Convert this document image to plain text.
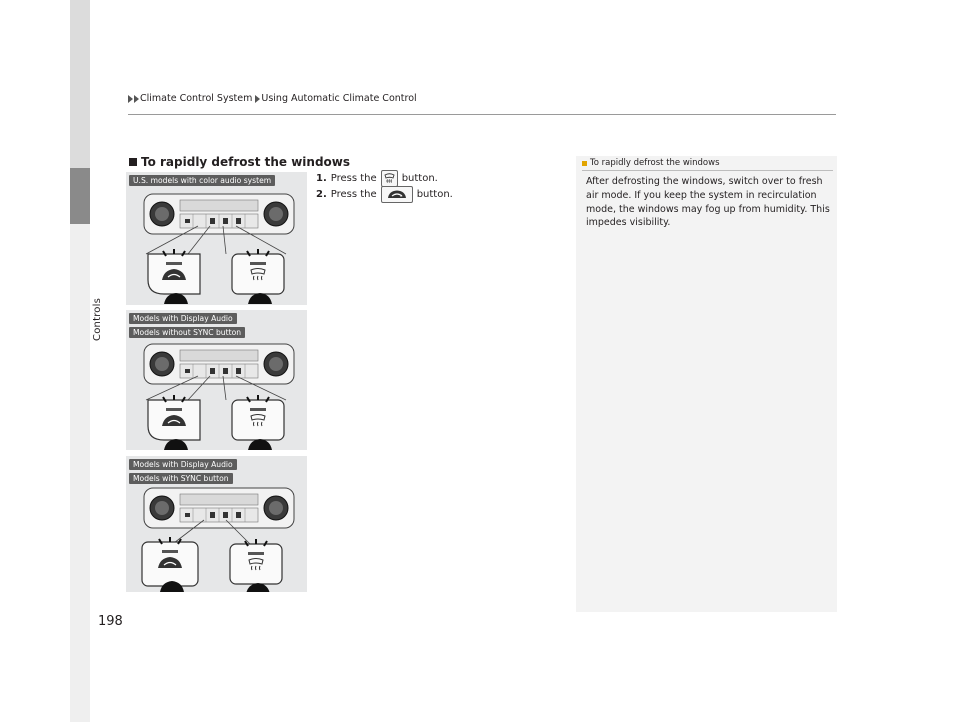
Controls
Climate Control System Using Automatic Climate Control
To rapidly defrost the windows
1. Press the	button.
2. Press the	button.
U.S. models with color audio system
Models with Display Audio
Models without SYNC button
Models with Display Audio
Models with SYNC button
To rapidly defrost the windows
After defrosting the windows, switch over to fresh air mode. If you keep the system in recirculation mode, the windows may fog up from humidity. This impedes visibility.
198
